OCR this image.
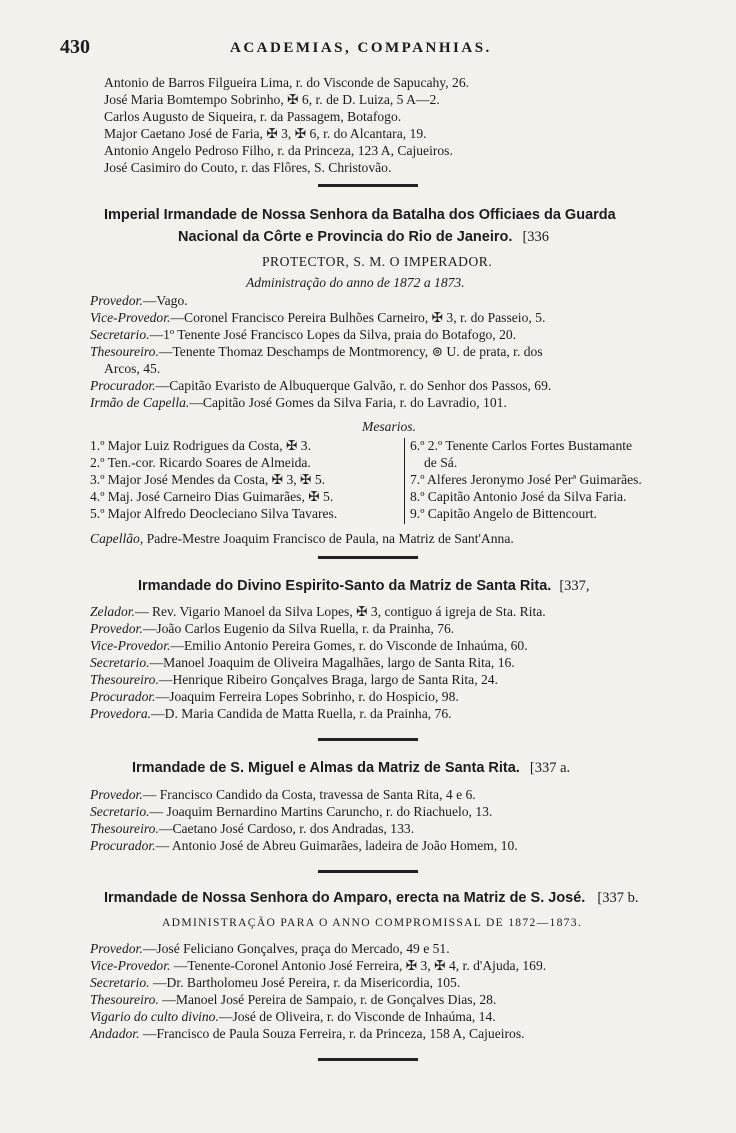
430	ACADEMIAS, COMPANHIAS.
Antonio de Barros Filgueira Lima, r. do Visconde de Sapucahy, 26.
José Maria Bomtempo Sobrinho, ✠ 6, r. de D. Luiza, 5 A—2.
Carlos Augusto de Siqueira, r. da Passagem, Botafogo.
Major Caetano José de Faria, ✠ 3, ✠ 6, r. do Alcantara, 19.
Antonio Angelo Pedroso Filho, r. da Princeza, 123 A, Cajueiros.
José Casimiro do Couto, r. das Flôres, S. Christovão.
Imperial Irmandade de Nossa Senhora da Batalha dos Officiaes da Guarda
Nacional da Côrte e Provincia do Rio de Janeiro. [336
PROTECTOR, S. M. O IMPERADOR.
Administração do anno de 1872 a 1873.
Provedor.—Vago.
Vice-Provedor.—Coronel Francisco Pereira Bulhões Carneiro, ✠ 3, r. do Passeio, 5.
Secretario.—1º Tenente José Francisco Lopes da Silva, praia do Botafogo, 20.
Thesoureiro.—Tenente Thomaz Deschamps de Montmorency, ⊚ U. de prata, r. dos
Arcos, 45.
Procurador.—Capitão Evaristo de Albuquerque Galvão, r. do Senhor dos Passos, 69.
Irmão de Capella.—Capitão José Gomes da Silva Faria, r. do Lavradio, 101.
Mesarios.
1.º Major Luiz Rodrigues da Costa, ✠ 3.
2.º Ten.-cor. Ricardo Soares de Almeida.
3.º Major José Mendes da Costa, ✠ 3, ✠ 5.
4.º Maj. José Carneiro Dias Guimarães, ✠ 5.
5.º Major Alfredo Deocleciano Silva Tavares.
6.º 2.º Tenente Carlos Fortes Bustamante
de Sá.
7.º Alferes Jeronymo José Perª Guimarães.
8.º Capitão Antonio José da Silva Faria.
9.º Capitão Angelo de Bittencourt.
Capellão, Padre-Mestre Joaquim Francisco de Paula, na Matriz de Sant'Anna.
Irmandade do Divino Espirito-Santo da Matriz de Santa Rita. [337,
Zelador.— Rev. Vigario Manoel da Silva Lopes, ✠ 3, contiguo á igreja de Sta. Rita.
Provedor.—João Carlos Eugenio da Silva Ruella, r. da Prainha, 76.
Vice-Provedor.—Emilio Antonio Pereira Gomes, r. do Visconde de Inhaúma, 60.
Secretario.—Manoel Joaquim de Oliveira Magalhães, largo de Santa Rita, 16.
Thesoureiro.—Henrique Ribeiro Gonçalves Braga, largo de Santa Rita, 24.
Procurador.—Joaquim Ferreira Lopes Sobrinho, r. do Hospicio, 98.
Provedora.—D. Maria Candida de Matta Ruella, r. da Prainha, 76.
Irmandade de S. Miguel e Almas da Matriz de Santa Rita. [337 a.
Provedor.— Francisco Candido da Costa, travessa de Santa Rita, 4 e 6.
Secretario.— Joaquim Bernardino Martins Caruncho, r. do Riachuelo, 13.
Thesoureiro.—Caetano José Cardoso, r. dos Andradas, 133.
Procurador.— Antonio José de Abreu Guimarães, ladeira de João Homem, 10.
Irmandade de Nossa Senhora do Amparo, erecta na Matriz de S. José. [337 b.
ADMINISTRAÇÃO PARA O ANNO COMPROMISSAL DE 1872—1873.
Provedor.—José Feliciano Gonçalves, praça do Mercado, 49 e 51.
Vice-Provedor. —Tenente-Coronel Antonio José Ferreira, ✠ 3, ✠ 4, r. d'Ajuda, 169.
Secretario. —Dr. Bartholomeu José Pereira, r. da Misericordia, 105.
Thesoureiro. —Manoel José Pereira de Sampaio, r. de Gonçalves Dias, 28.
Vigario do culto divino.—José de Oliveira, r. do Visconde de Inhaúma, 14.
Andador. —Francisco de Paula Souza Ferreira, r. da Princeza, 158 A, Cajueiros.
